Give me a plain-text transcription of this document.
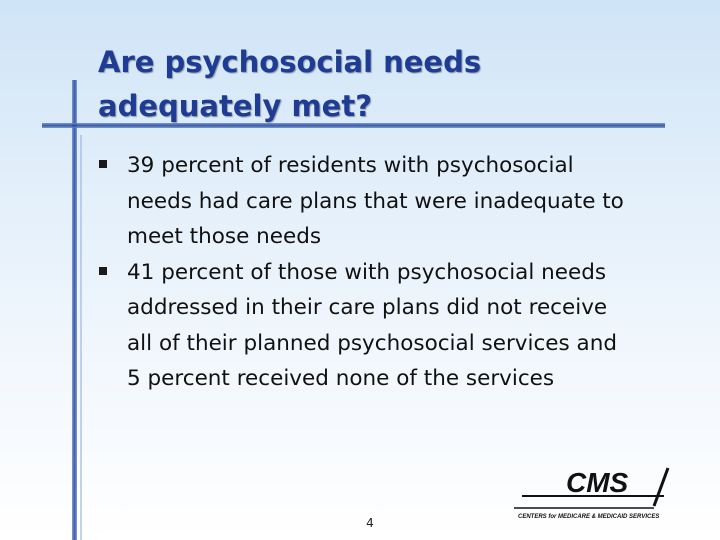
Are psychosocial needs
adequately met?
39 percent of residents with psychosocial
needs had care plans that were inadequate to
meet those needs
41 percent of those with psychosocial needs
addressed in their care plans did not receive
all of their planned psychosocial services and
5 percent received none of the services
4
CMS
CENTERS for MEDICARE & MEDICAID SERVICES
